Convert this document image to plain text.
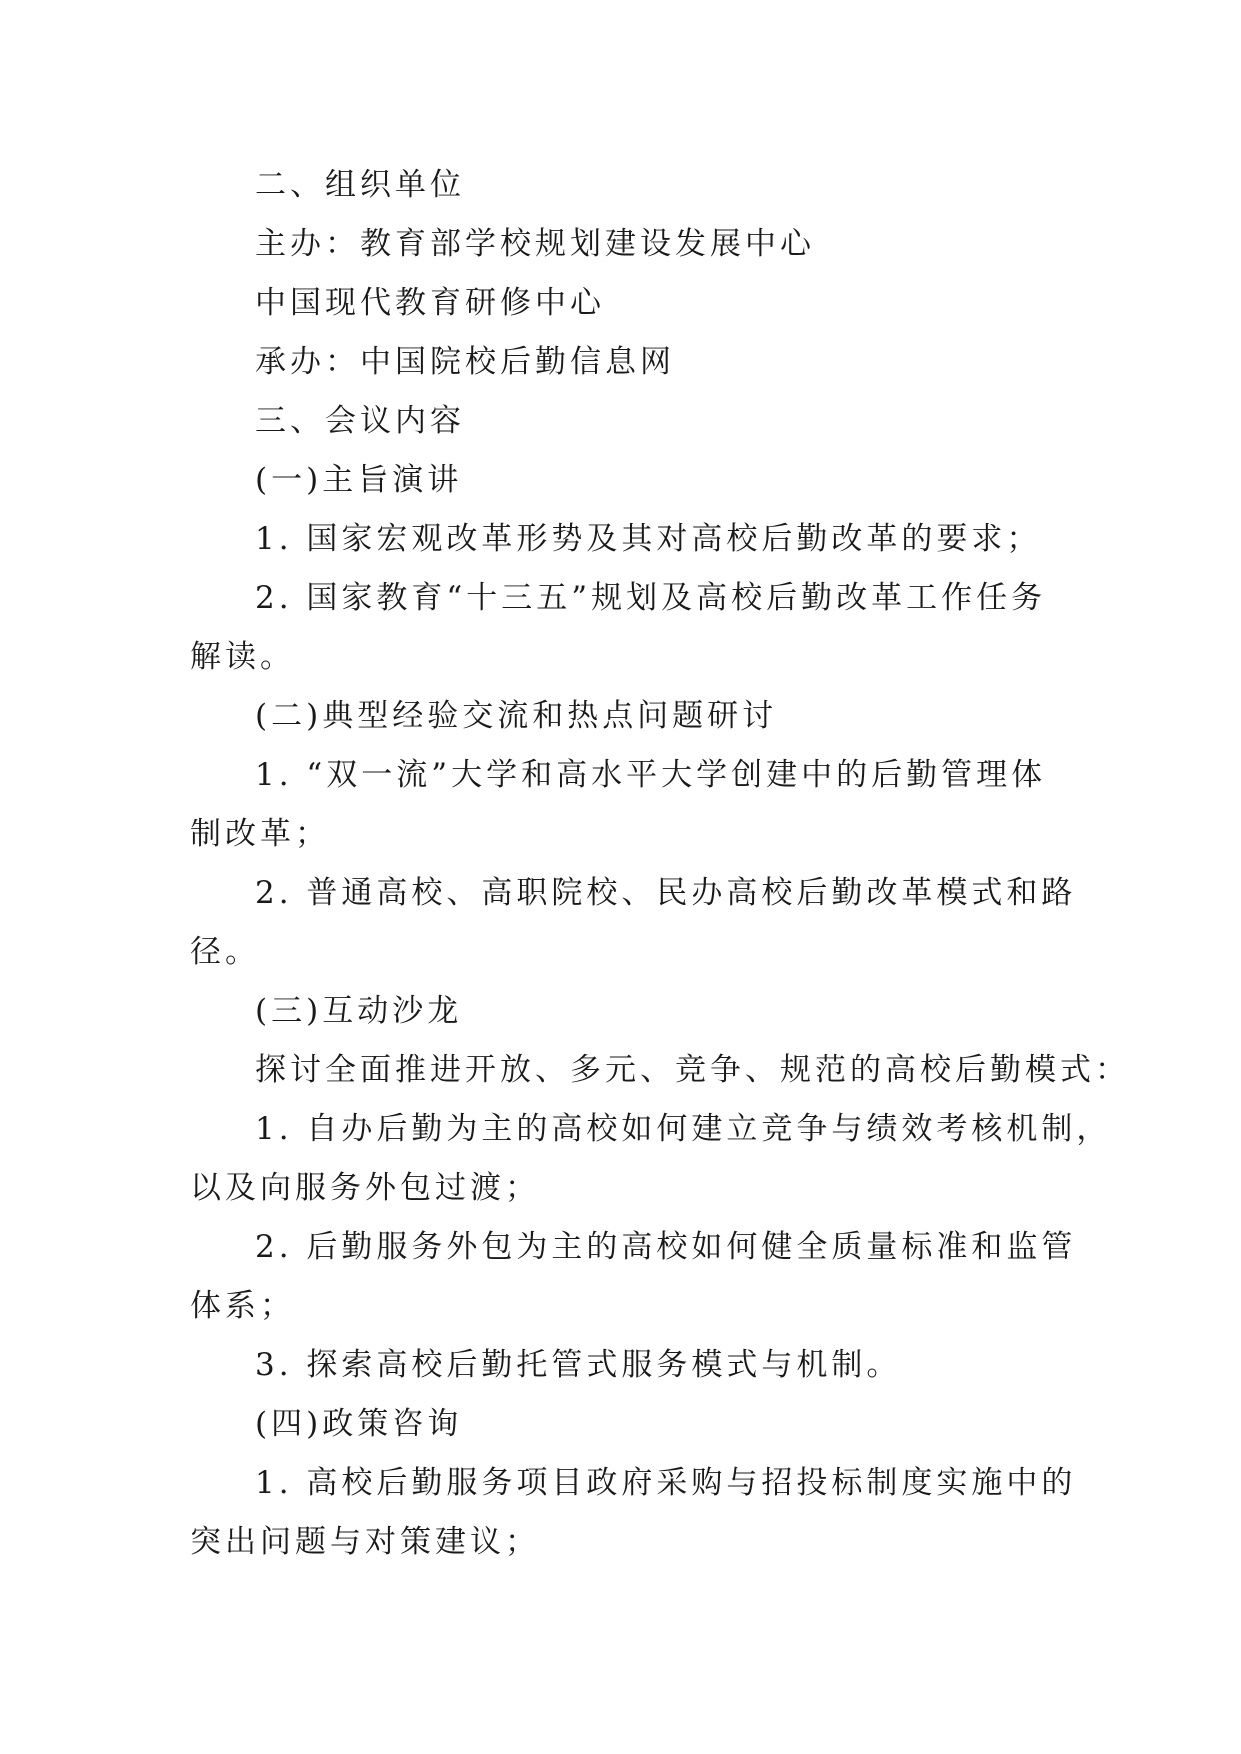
二、组织单位
主办：教育部学校规划建设发展中心
中国现代教育研修中心
承办：中国院校后勤信息网
三、会议内容
(一)主旨演讲
1. 国家宏观改革形势及其对高校后勤改革的要求；
2. 国家教育“十三五”规划及高校后勤改革工作任务
解读。
(二)典型经验交流和热点问题研讨
1. “双一流”大学和高水平大学创建中的后勤管理体
制改革；
2. 普通高校、高职院校、民办高校后勤改革模式和路
径。
(三)互动沙龙
探讨全面推进开放、多元、竞争、规范的高校后勤模式：
1. 自办后勤为主的高校如何建立竞争与绩效考核机制，
以及向服务外包过渡；
2. 后勤服务外包为主的高校如何健全质量标准和监管
体系；
3. 探索高校后勤托管式服务模式与机制。
(四)政策咨询
1. 高校后勤服务项目政府采购与招投标制度实施中的
突出问题与对策建议；
